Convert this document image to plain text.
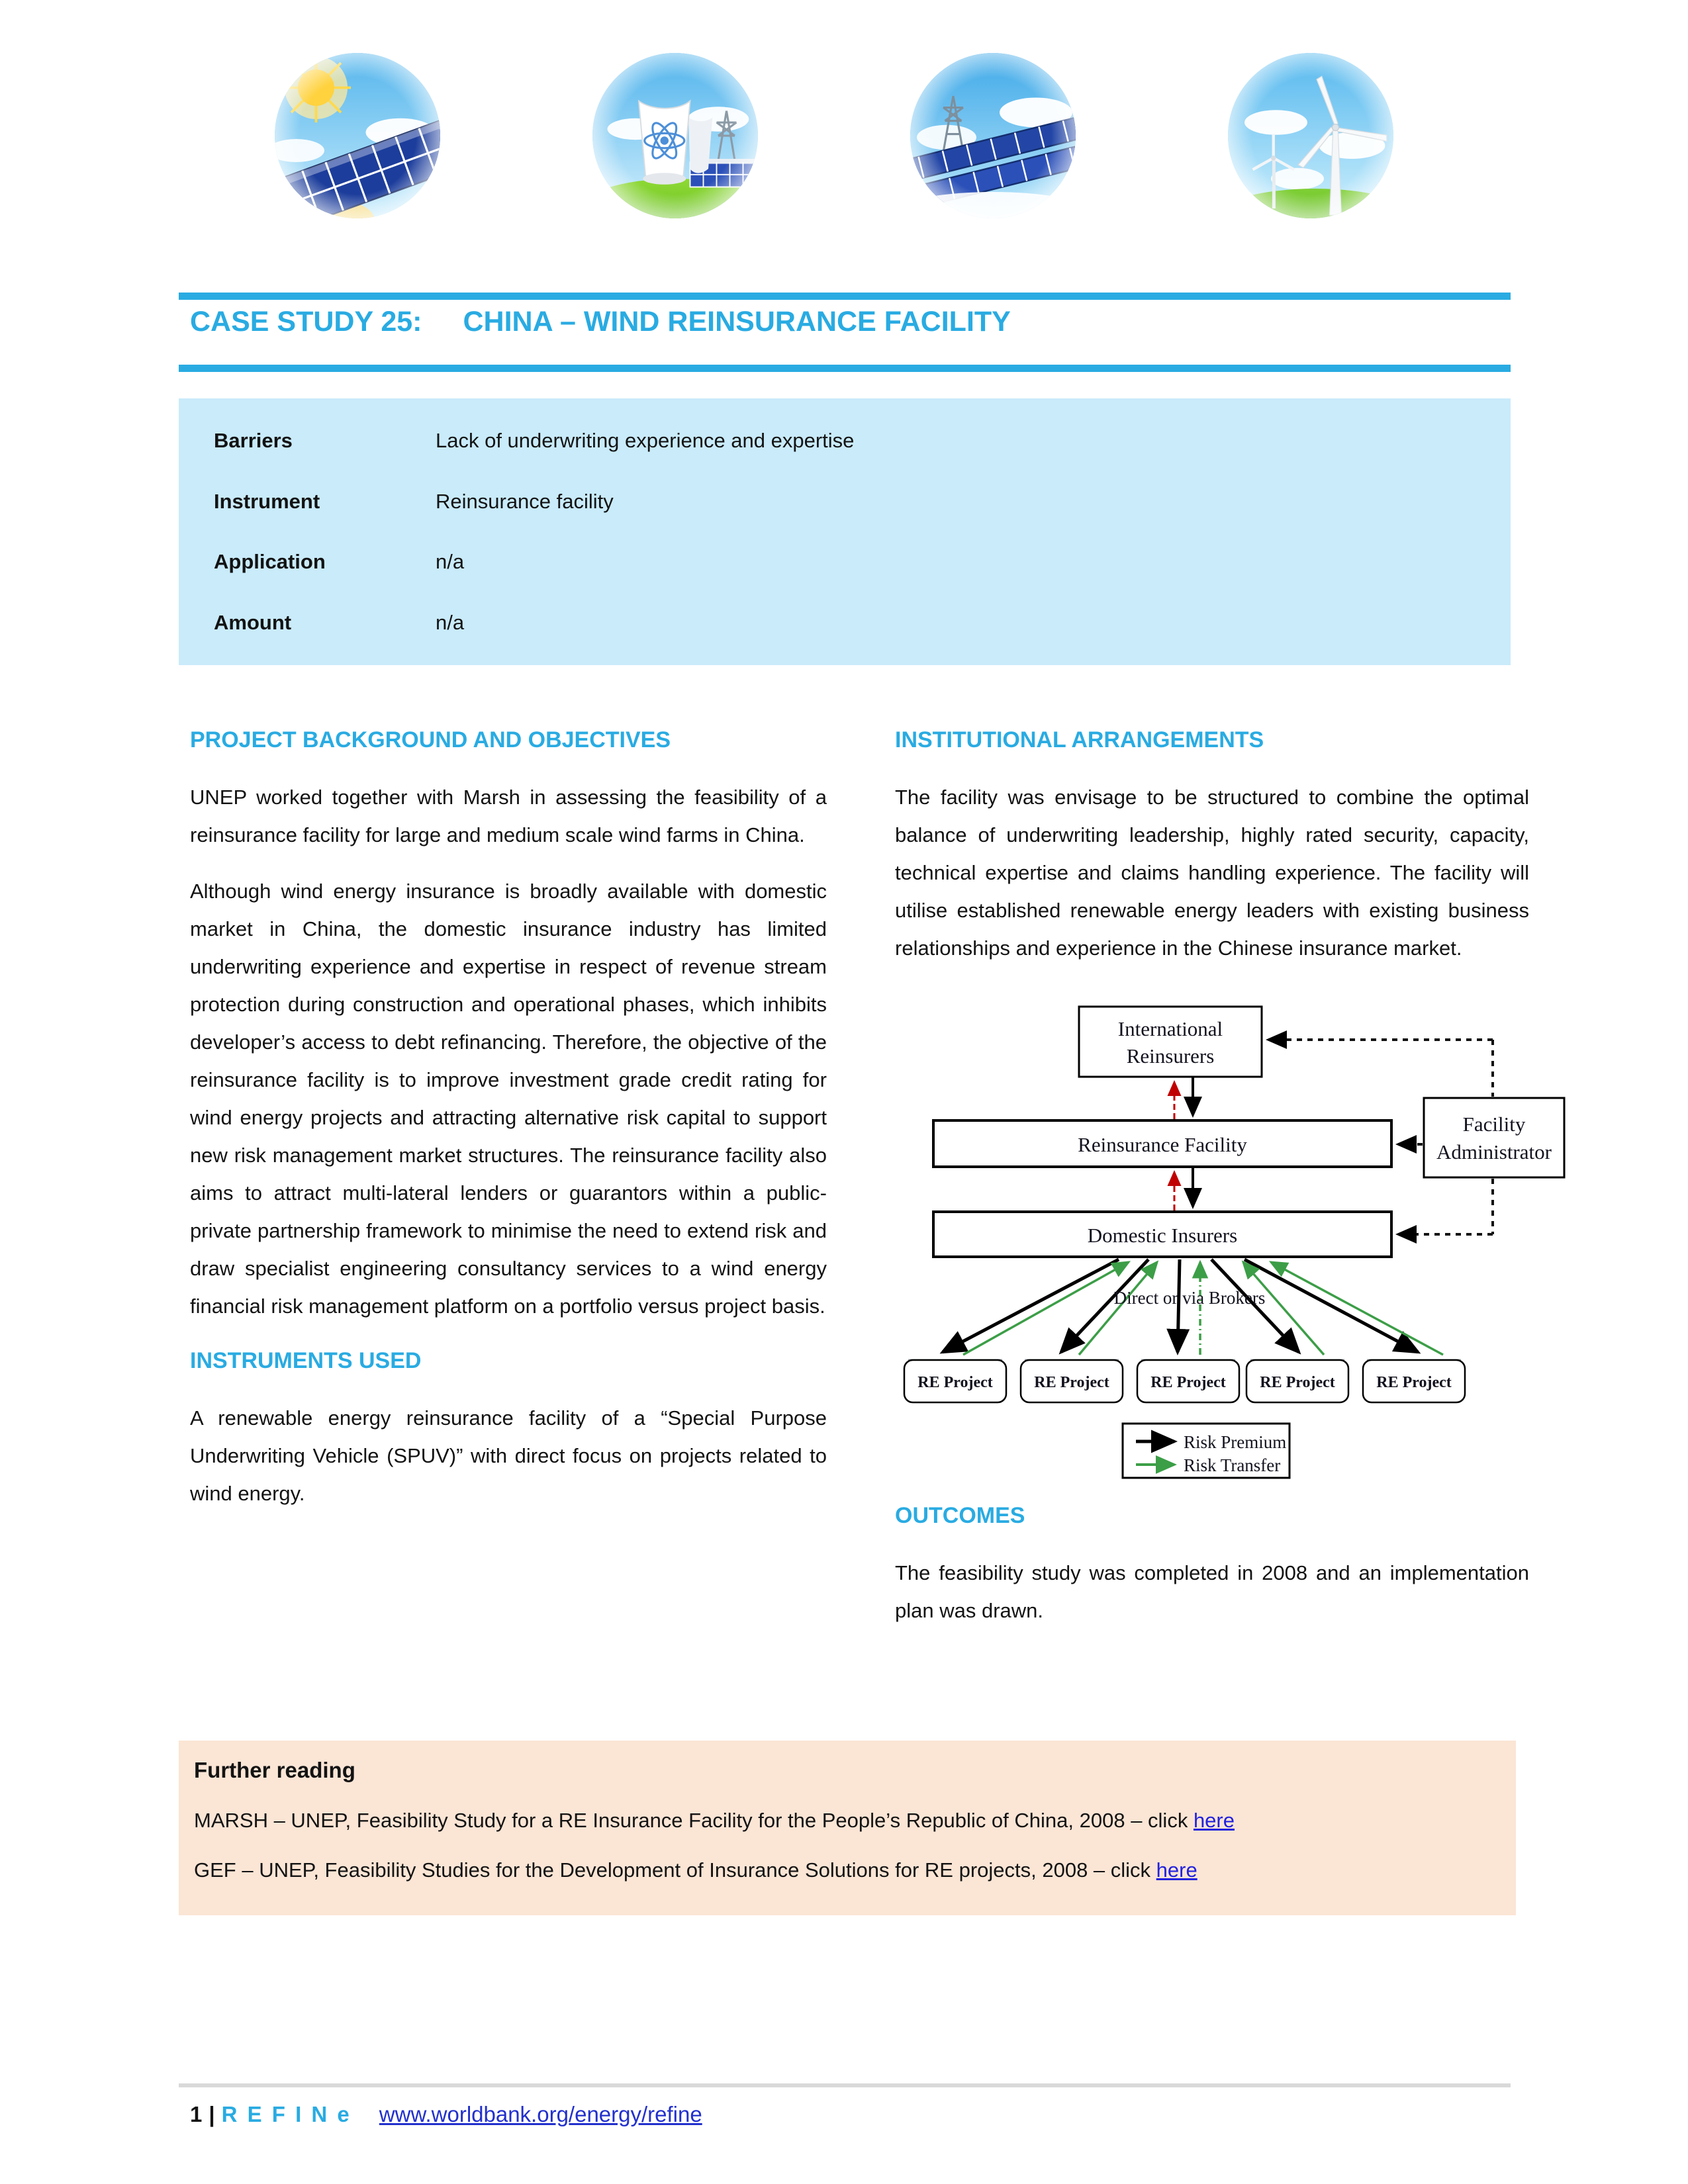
CASE STUDY 25: CHINA – WIND REINSURANCE FACILITY
Barriers	Lack of underwriting experience and expertise
Instrument	Reinsurance facility
Application	n/a
Amount	n/a
PROJECT BACKGROUND AND OBJECTIVES

UNEP worked together with Marsh in assessing the feasibility of a reinsurance facility for large and medium scale wind farms in China.

Although wind energy insurance is broadly available with domestic market in China, the domestic insurance industry has limited underwriting experience and expertise in respect of revenue stream protection during construction and operational phases, which inhibits developer’s access to debt refinancing. Therefore, the objective of the reinsurance facility is to improve investment grade credit rating for wind energy projects and attracting alternative risk capital to support new risk management market structures. The reinsurance facility also aims to attract multi-lateral lenders or guarantors within a public-private partnership framework to minimise the need to extend risk and draw specialist engineering consultancy services to a wind energy financial risk management platform on a portfolio versus project basis.

INSTRUMENTS USED

A renewable energy reinsurance facility of a “Special Purpose Underwriting Vehicle (SPUV)” with direct focus on projects related to wind energy.

INSTITUTIONAL ARRANGEMENTS

The facility was envisage to be structured to combine the optimal balance of underwriting leadership, highly rated security, capacity, technical expertise and claims handling experience. The facility will utilise established renewable energy leaders with existing business relationships and experience in the Chinese insurance market.

International
Reinsurers
Reinsurance Facility
Domestic Insurers
Facility
Administrator
Direct or via Brokers
RE Project	RE Project	RE Project RE Project	RE Project
Risk Premium
Risk Transfer
OUTCOMES

The feasibility study was completed in 2008 and an implementation plan was drawn.

Further reading
MARSH – UNEP, Feasibility Study for a RE Insurance Facility for the People’s Republic of China, 2008 – click here
GEF – UNEP, Feasibility Studies for the Development of Insurance Solutions for RE projects, 2008 – click here
1 | R E F I N e www.worldbank.org/energy/refine
